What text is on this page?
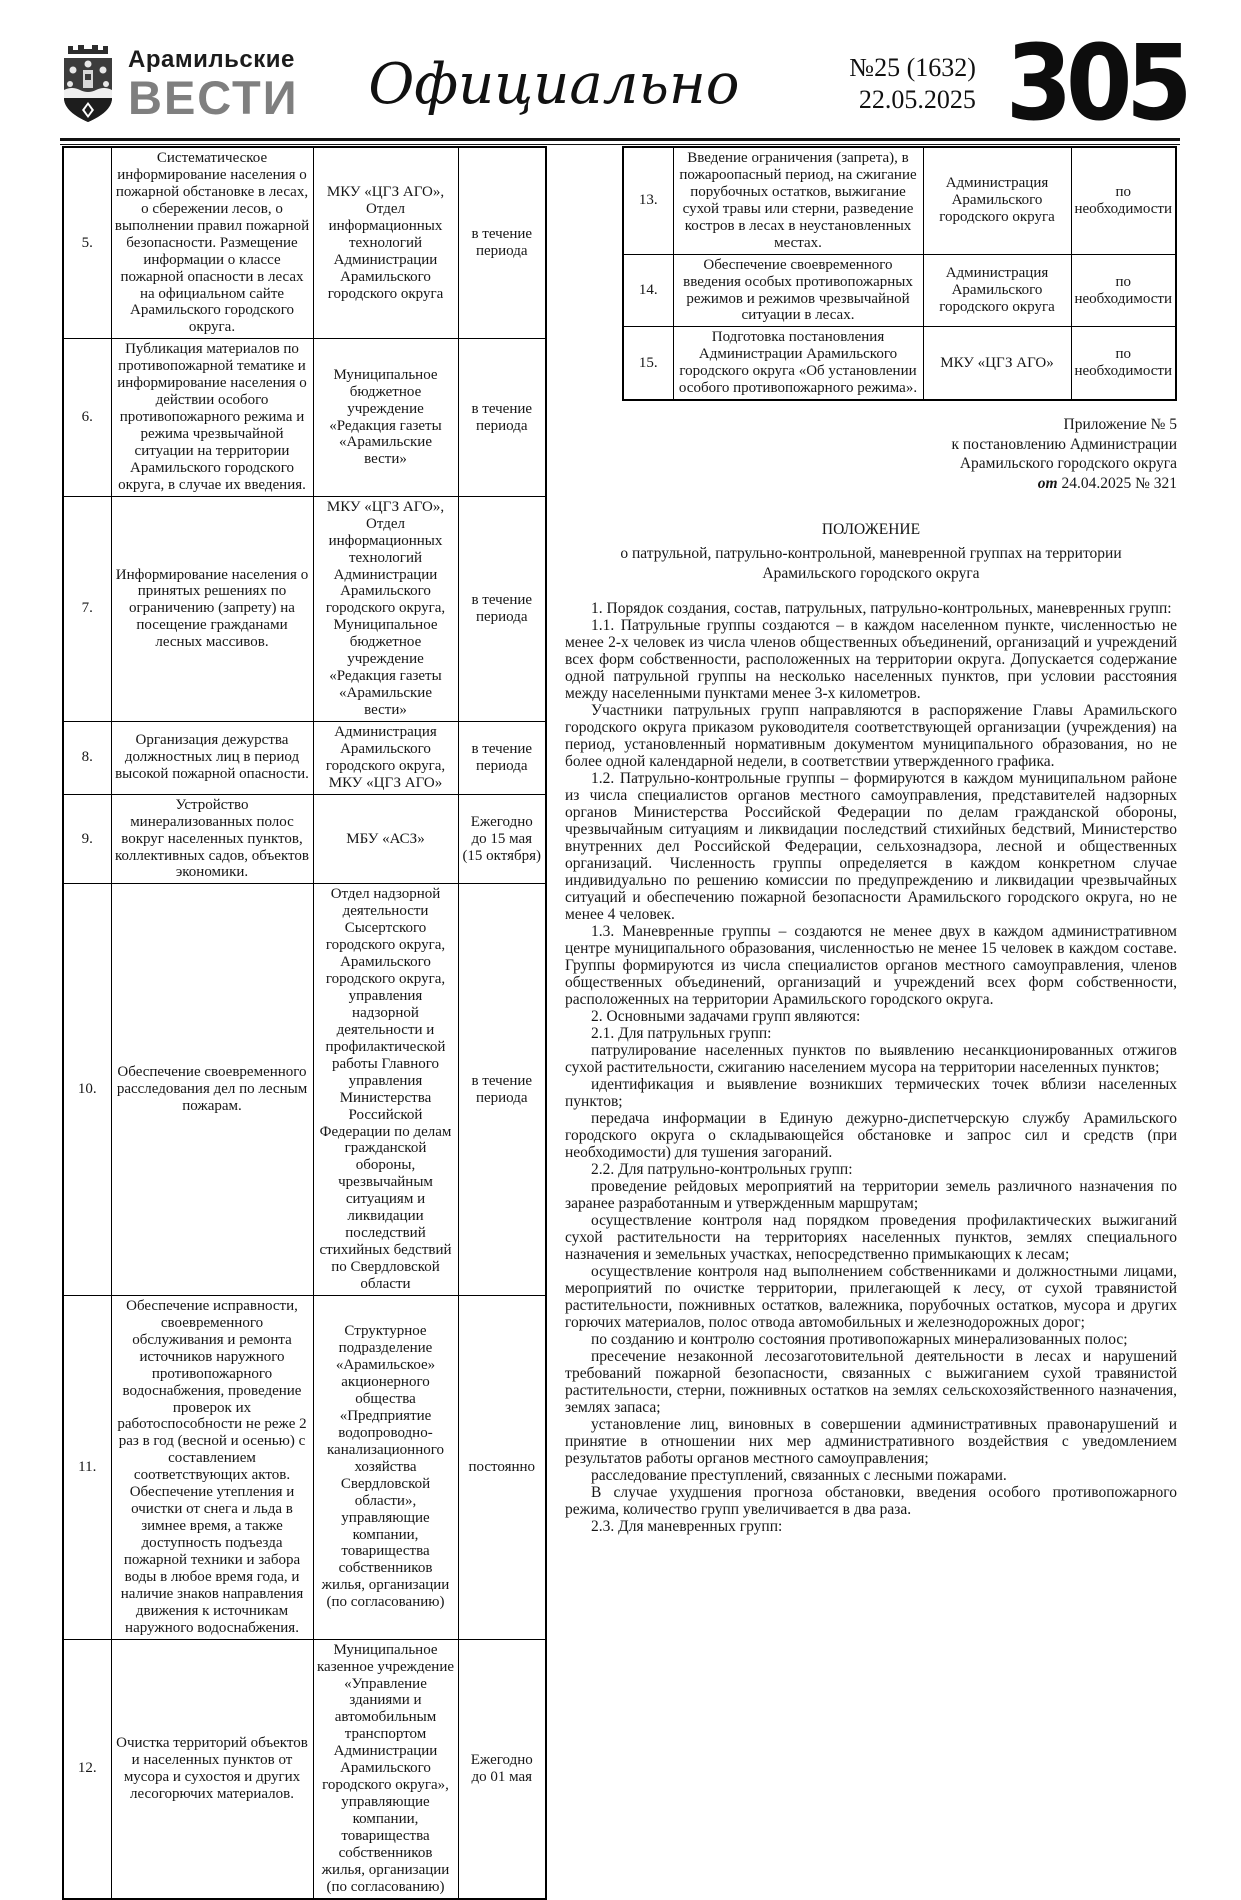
Арамильские
ВЕСТИ	Официально	№25 (1632)
22.05.2025 305
5.	Систематическое информирование населения о пожарной обстановке в лесах, о сбережении лесов, о выполнении правил пожарной безопасности. Размещение информации о классе пожарной опасности в лесах на официальном сайте Арамильского городского округа.	МКУ «ЦГЗ АГО», Отдел информационных технологий Администрации Арамильского городского округа	в течение периода
6.	Публикация материалов по противопожарной тематике и информирование населения о действии особого противопожарного режима и режима чрезвычайной ситуации на территории Арамильского городского округа, в случае их введения.	Муниципальное бюджетное учреждение «Редакция газеты «Арамильские вести»	в течение периода
7.	Информирование населения о принятых решениях по ограничению (запрету) на посещение гражданами лесных массивов.	МКУ «ЦГЗ АГО», Отдел информационных технологий Администрации Арамильского городского округа, Муниципальное бюджетное учреждение «Редакция газеты «Арамильские вести»	в течение периода
8.	Организация дежурства должностных лиц в период высокой пожарной опасности.	Администрация Арамильского городского округа, МКУ «ЦГЗ АГО»	в течение периода
9.	Устройство минерализованных полос вокруг населенных пунктов, коллективных садов, объектов экономики.	МБУ «АСЗ»	Ежегодно до 15 мая (15 октября)
10.	Обеспечение своевременного расследования дел по лесным пожарам.	Отдел надзорной деятельности Сысертского городского округа, Арамильского городского округа, управления надзорной деятельности и профилактической работы Главного управления Министерства Российской Федерации по делам гражданской обороны, чрезвычайным ситуациям и ликвидации последствий стихийных бедствий по Свердловской области	в течение периода
11.	Обеспечение исправности, своевременного обслуживания и ремонта источников наружного противопожарного водоснабжения, проведение проверок их работоспособности не реже 2 раз в год (весной и осенью) с составлением соответствующих актов. Обеспечение утепления и очистки от снега и льда в зимнее время, а также доступность подъезда пожарной техники и забора воды в любое время года, и наличие знаков направления движения к источникам наружного водоснабжения.	Структурное подразделение «Арамильское» акционерного общества «Предприятие водопроводно-канализационного хозяйства Свердловской области», управляющие компании, товарищества собственников жилья, организации (по согласованию)	постоянно
12.	Очистка территорий объектов и населенных пунктов от мусора и сухостоя и других лесогорючих материалов.	Муниципальное казенное учреждение «Управление зданиями и автомобильным транспортом Администрации Арамильского городского округа», управляющие компании, товарищества собственников жилья, организации (по согласованию)	Ежегодно до 01 мая
13.	Введение ограничения (запрета), в пожароопасный период, на сжигание порубочных остатков, выжигание сухой травы или стерни, разведение костров в лесах в неустановленных местах.	Администрация Арамильского городского округа	по необходимости
14.	Обеспечение своевременного введения особых противопожарных режимов и режимов чрезвычайной ситуации в лесах.	Администрация Арамильского городского округа	по необходимости
15.	Подготовка постановления Администрации Арамильского городского округа «Об установлении особого противопожарного режима».	МКУ «ЦГЗ АГО»	по необходимости
Приложение № 5
к постановлению Администрации
Арамильского городского округа
от 24.04.2025 № 321
ПОЛОЖЕНИЕ
о патрульной, патрульно-контрольной, маневренной группах на территории
Арамильского городского округа

1. Порядок создания, состав, патрульных, патрульно-контрольных, маневренных групп:

1.1. Патрульные группы создаются – в каждом населенном пункте, численностью не менее 2-х человек из числа членов общественных объединений, организаций и учреждений всех форм собственности, расположенных на территории округа. Допускается содержание одной патрульной группы на несколько населенных пунктов, при условии расстояния между населенными пунктами менее 3-х километров.

Участники патрульных групп направляются в распоряжение Главы Арамильского городского округа приказом руководителя соответствующей организации (учреждения) на период, установленный нормативным документом муниципального образования, но не более одной календарной недели, в соответствии утвержденного графика.

1.2. Патрульно-контрольные группы – формируются в каждом муниципальном районе из числа специалистов органов местного самоуправления, представителей надзорных органов Министерства Российской Федерации по делам гражданской обороны, чрезвычайным ситуациям и ликвидации последствий стихийных бедствий, Министерство внутренних дел Российской Федерации, сельхознадзора, лесной и общественных организаций. Численность группы определяется в каждом конкретном случае индивидуально по решению комиссии по предупреждению и ликвидации чрезвычайных ситуаций и обеспечению пожарной безопасности Арамильского городского округа, но не менее 4 человек.

1.3. Маневренные группы – создаются не менее двух в каждом административном центре муниципального образования, численностью не менее 15 человек в каждом составе. Группы формируются из числа специалистов органов местного самоуправления, членов общественных объединений, организаций и учреждений всех форм собственности, расположенных на территории Арамильского городского округа.

2. Основными задачами групп являются:

2.1. Для патрульных групп:

патрулирование населенных пунктов по выявлению несанкционированных отжигов сухой растительности, сжиганию населением мусора на территории населенных пунктов;

идентификация и выявление возникших термических точек вблизи населенных пунктов;

передача информации в Единую дежурно-диспетчерскую службу Арамильского городского округа о складывающейся обстановке и запрос сил и средств (при необходимости) для тушения загораний.

2.2. Для патрульно-контрольных групп:

проведение рейдовых мероприятий на территории земель различного назначения по заранее разработанным и утвержденным маршрутам;

осуществление контроля над порядком проведения профилактических выжиганий сухой растительности на территориях населенных пунктов, землях специального назначения и земельных участках, непосредственно примыкающих к лесам;

осуществление контроля над выполнением собственниками и должностными лицами, мероприятий по очистке территории, прилегающей к лесу, от сухой травянистой растительности, пожнивных остатков, валежника, порубочных остатков, мусора и других горючих материалов, полос отвода автомобильных и железнодорожных дорог;

по созданию и контролю состояния противопожарных минерализованных полос;

пресечение незаконной лесозаготовительной деятельности в лесах и нарушений требований пожарной безопасности, связанных с выжиганием сухой травянистой растительности, стерни, пожнивных остатков на землях сельскохозяйственного назначения, землях запаса;

установление лиц, виновных в совершении административных правонарушений и принятие в отношении них мер административного воздействия с уведомлением результатов работы органов местного самоуправления;

расследование преступлений, связанных с лесными пожарами.

В случае ухудшения прогноза обстановки, введения особого противопожарного режима, количество групп увеличивается в два раза.

2.3. Для маневренных групп:
